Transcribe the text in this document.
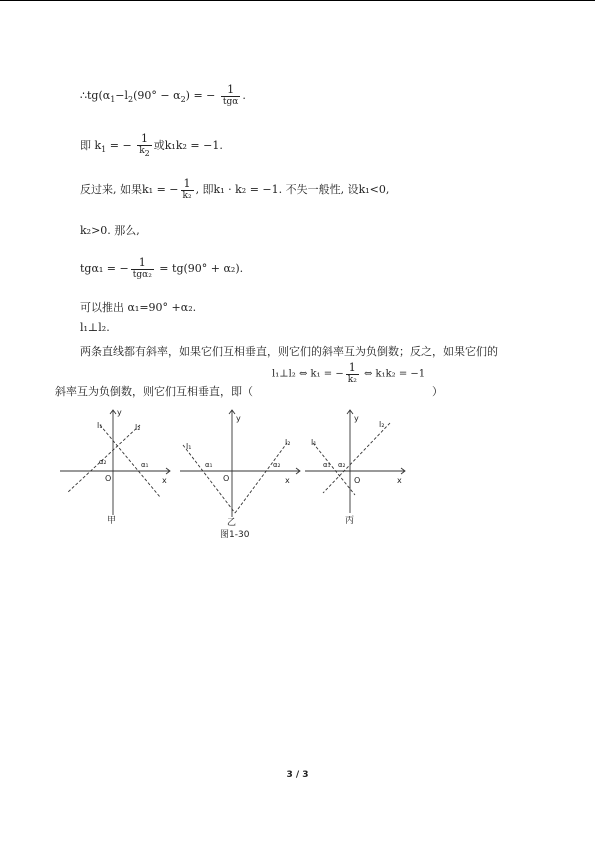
$\therefore tg(\alpha_1-l_2(90^\circ - \alpha_2)$ = − $\frac{1}{\text{tgα}}$ .
即 $k_1$ = − $\frac{1}{k_2}$ 或k₁k₂ = −1.
反过来, 如果k₁ = − $\frac{1}{\text{k₂}}$ , 即k₁ · k₂ = −1. 不失一般性, 设k₁<0,
k₂>0. 那么,
tgα₁ = − $\frac{1}{\text{tgα₂}} = tg(90^\circ + \alpha_2)$.
可以推出 α₁=90° +α₂.
l₁⊥l₂.
两条直线都有斜率，如果它们互相垂直，则它们的斜率互为负倒数；反之，如果它们的
斜率互为负倒数，则它们互相垂直，即（
l₁⊥l₂ ⇔ k₁ = − $\frac{1}{\text{k₂}}$ ⇔ k₁k₂ = −1
）
y
x
O
l₁	l₂
α₂	α₁
甲
y
x
O
l₁	l₂
α₁	α₂
乙
y
x
O
l₁
l₂
α₁ α₂
丙
图1-30
3 / 3
